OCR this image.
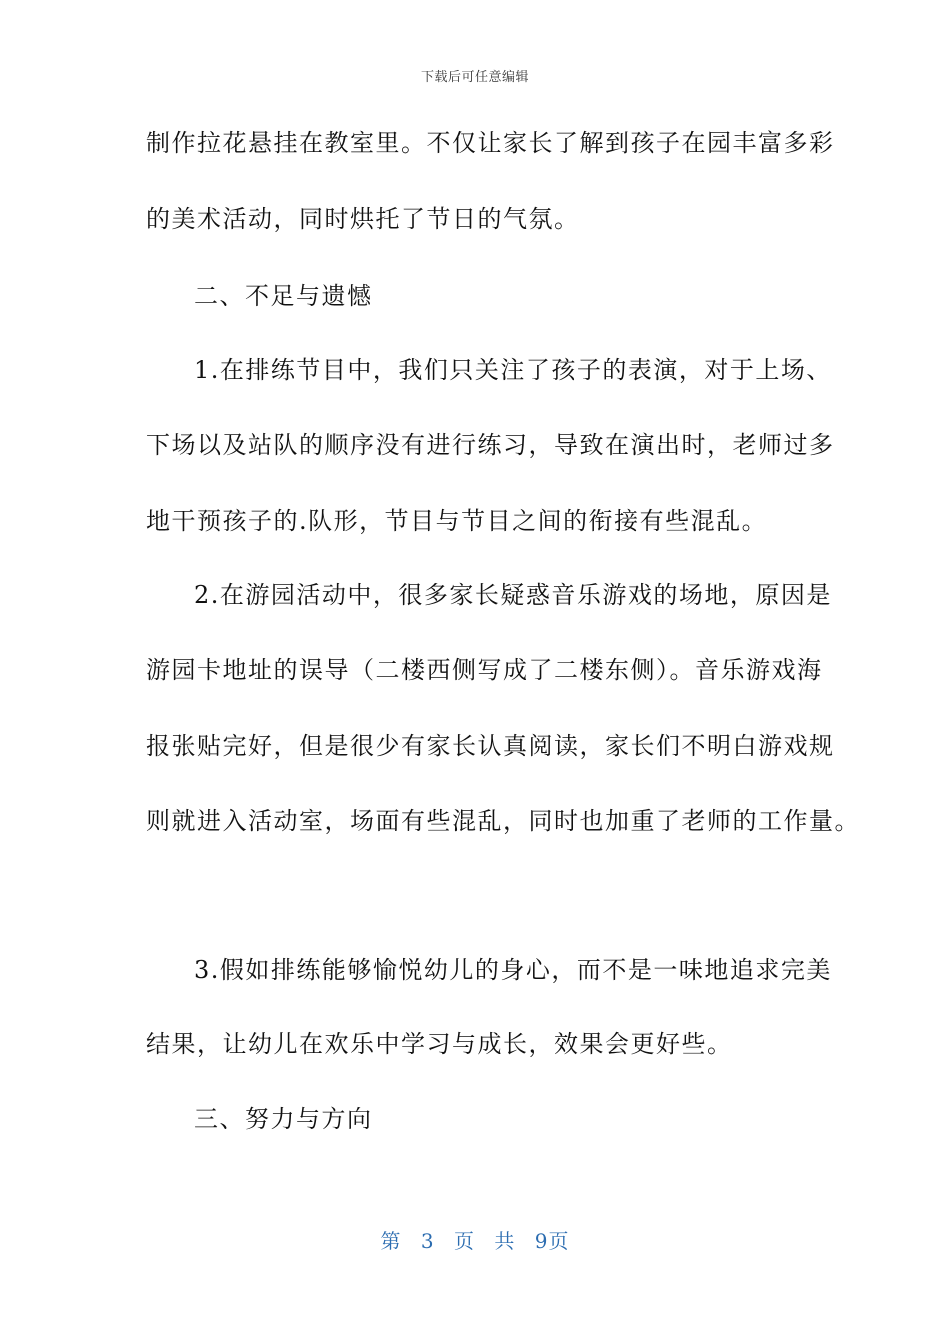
下载后可任意编辑
制作拉花悬挂在教室里。不仅让家长了解到孩子在园丰富多彩
的美术活动，同时烘托了节日的气氛。
二、不足与遗憾
1.在排练节目中，我们只关注了孩子的表演，对于上场、
下场以及站队的顺序没有进行练习，导致在演出时，老师过多
地干预孩子的.队形，节目与节目之间的衔接有些混乱。
2.在游园活动中，很多家长疑惑音乐游戏的场地，原因是
游园卡地址的误导（二楼西侧写成了二楼东侧）。音乐游戏海
报张贴完好，但是很少有家长认真阅读，家长们不明白游戏规
则就进入活动室，场面有些混乱，同时也加重了老师的工作量。
3.假如排练能够愉悦幼儿的身心，而不是一味地追求完美
结果，让幼儿在欢乐中学习与成长，效果会更好些。
三、努力与方向
第 3 页 共 9页
